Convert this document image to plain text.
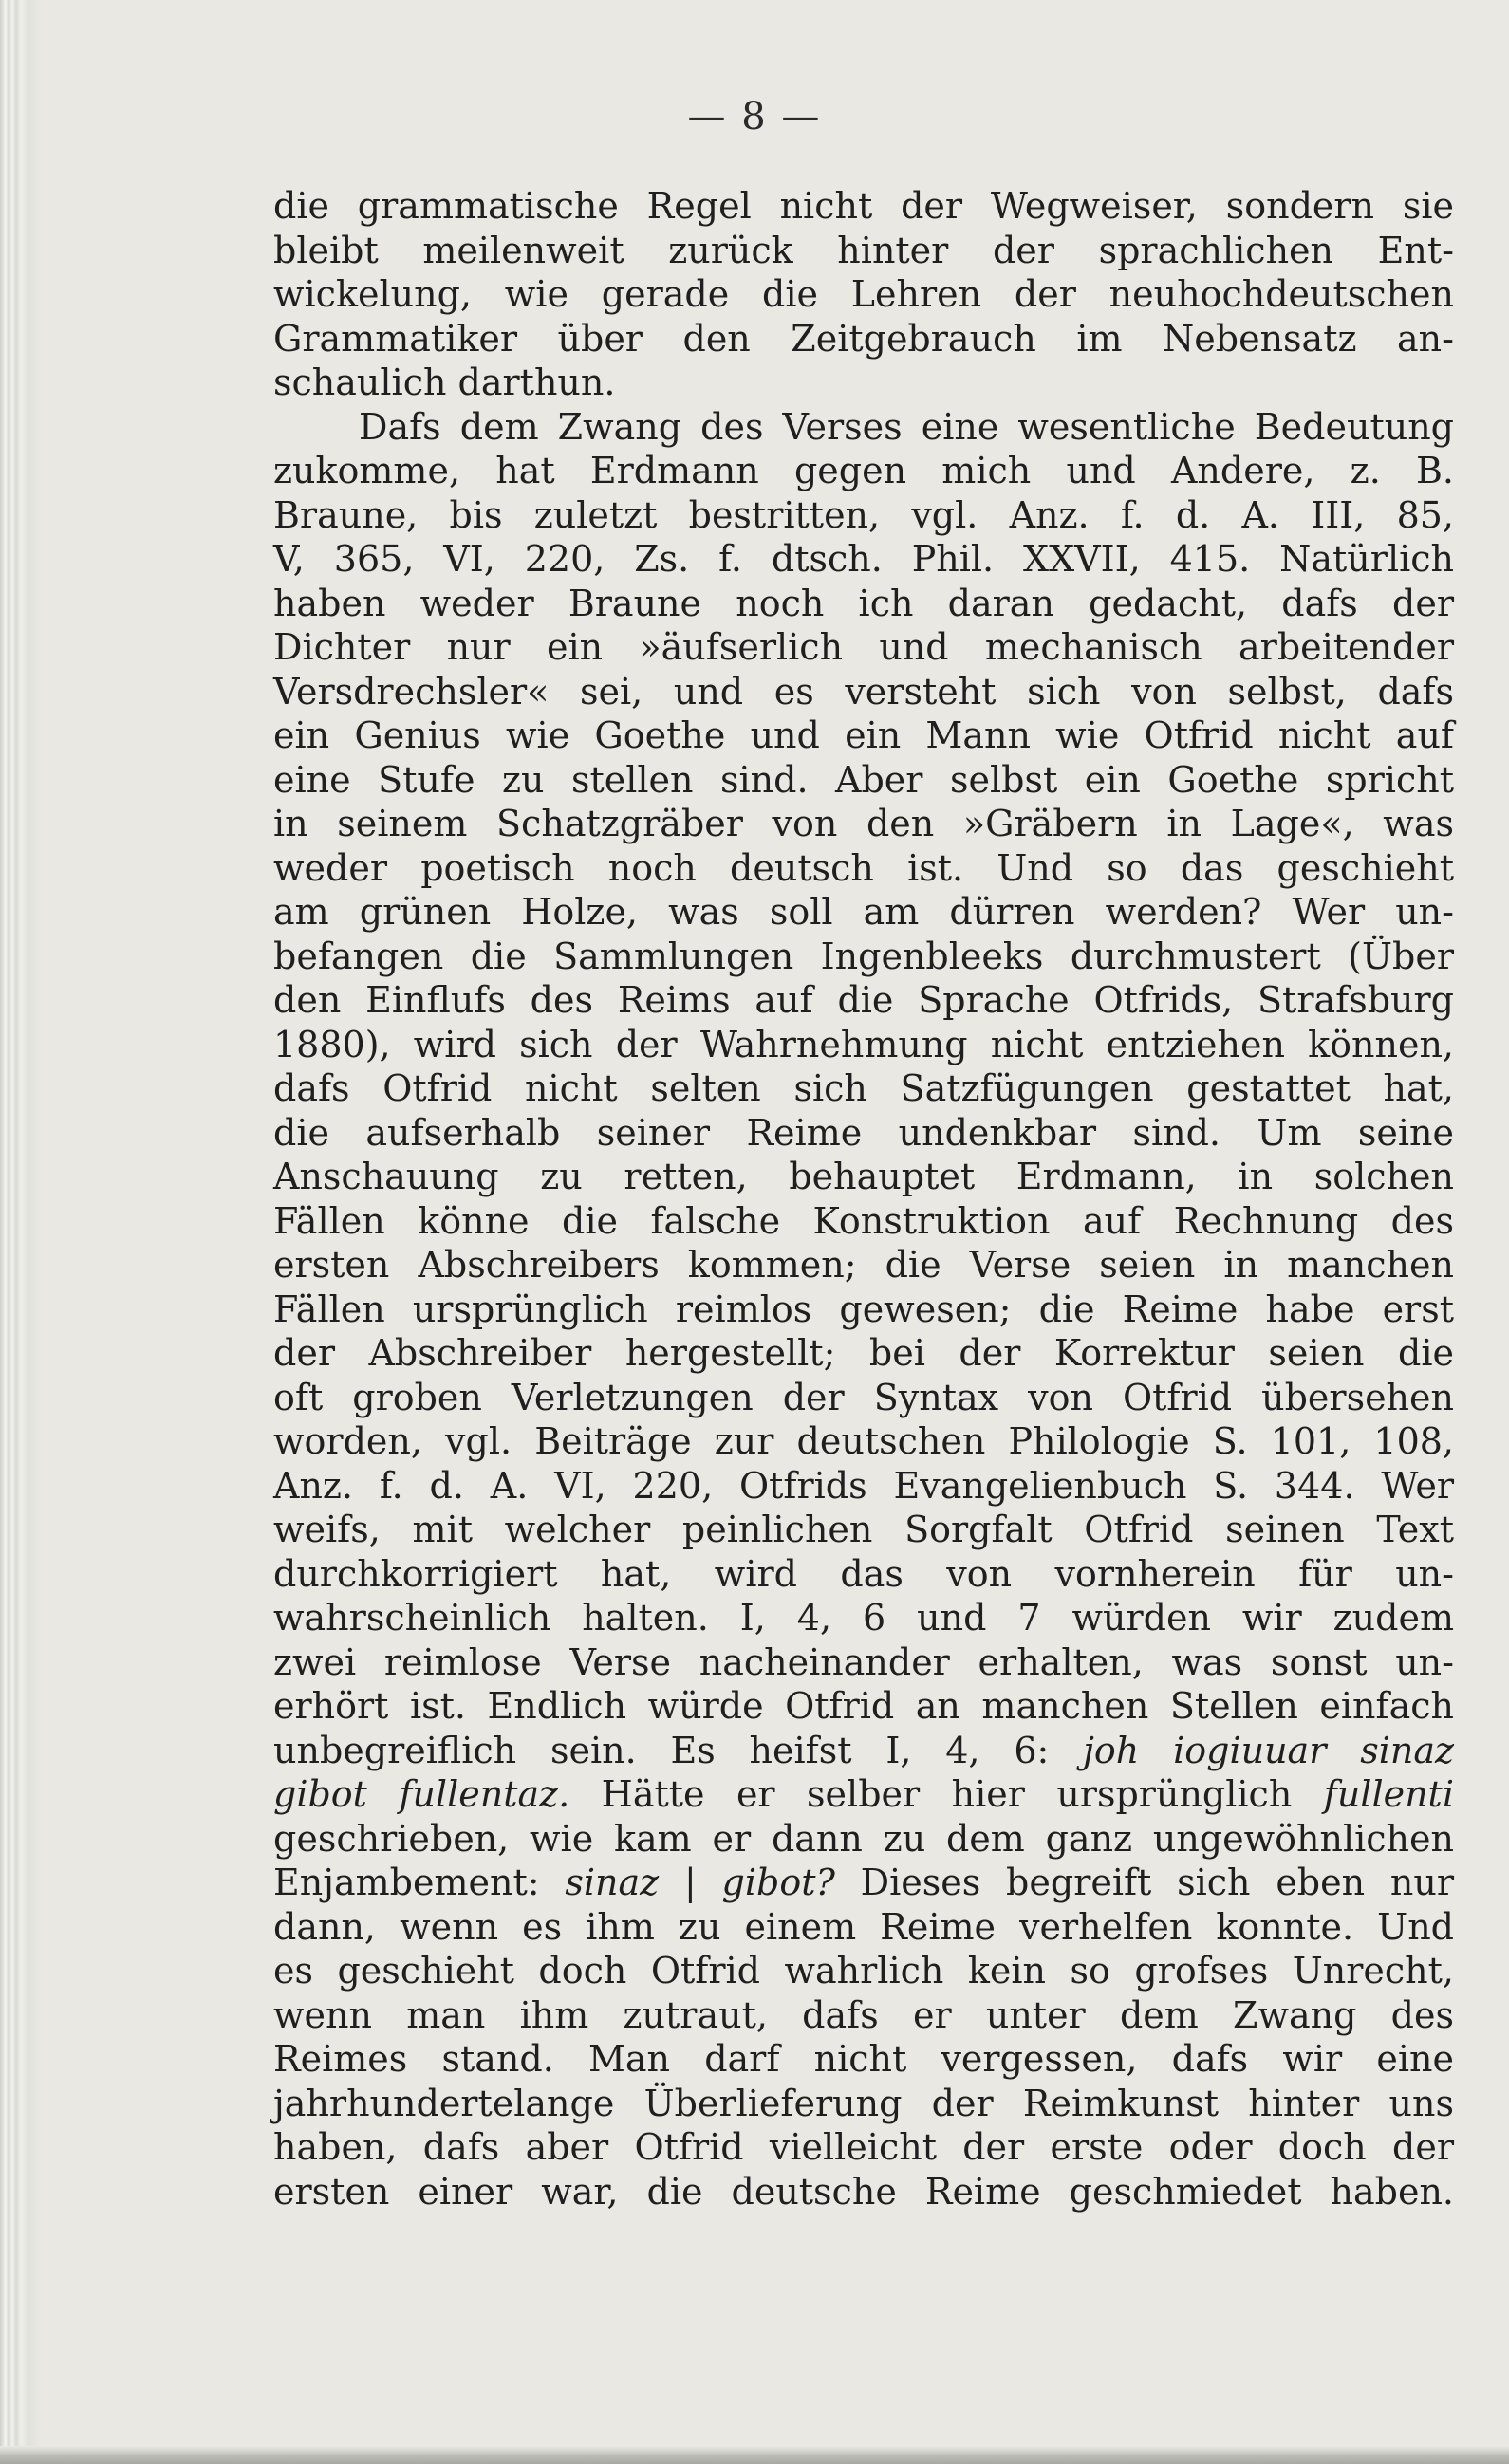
— 8 —
die grammatische Regel nicht der Wegweiser, sondern sie
bleibt meilenweit zurück hinter der sprachlichen Ent-
wickelung, wie gerade die Lehren der neuhochdeutschen
Grammatiker über den Zeitgebrauch im Nebensatz an-
schaulich darthun.
Dafs dem Zwang des Verses eine wesentliche Bedeutung
zukomme, hat Erdmann gegen mich und Andere, z. B.
Braune, bis zuletzt bestritten, vgl. Anz. f. d. A. III, 85,
V, 365, VI, 220, Zs. f. dtsch. Phil. XXVII, 415. Natürlich
haben weder Braune noch ich daran gedacht, dafs der
Dichter nur ein »äufserlich und mechanisch arbeitender
Versdrechsler« sei, und es versteht sich von selbst, dafs
ein Genius wie Goethe und ein Mann wie Otfrid nicht auf
eine Stufe zu stellen sind. Aber selbst ein Goethe spricht
in seinem Schatzgräber von den »Gräbern in Lage«, was
weder poetisch noch deutsch ist. Und so das geschieht
am grünen Holze, was soll am dürren werden? Wer un-
befangen die Sammlungen Ingenbleeks durchmustert (Über
den Einflufs des Reims auf die Sprache Otfrids, Strafsburg
1880), wird sich der Wahrnehmung nicht entziehen können,
dafs Otfrid nicht selten sich Satzfügungen gestattet hat,
die aufserhalb seiner Reime undenkbar sind. Um seine
Anschauung zu retten, behauptet Erdmann, in solchen
Fällen könne die falsche Konstruktion auf Rechnung des
ersten Abschreibers kommen; die Verse seien in manchen
Fällen ursprünglich reimlos gewesen; die Reime habe erst
der Abschreiber hergestellt; bei der Korrektur seien die
oft groben Verletzungen der Syntax von Otfrid übersehen
worden, vgl. Beiträge zur deutschen Philologie S. 101, 108,
Anz. f. d. A. VI, 220, Otfrids Evangelienbuch S. 344. Wer
weifs, mit welcher peinlichen Sorgfalt Otfrid seinen Text
durchkorrigiert hat, wird das von vornherein für un-
wahrscheinlich halten. I, 4, 6 und 7 würden wir zudem
zwei reimlose Verse nacheinander erhalten, was sonst un-
erhört ist. Endlich würde Otfrid an manchen Stellen einfach
unbegreiflich sein. Es heifst I, 4, 6: joh iogiuuar sinaz
gibot fullentaz. Hätte er selber hier ursprünglich fullenti
geschrieben, wie kam er dann zu dem ganz ungewöhnlichen
Enjambement: sinaz | gibot? Dieses begreift sich eben nur
dann, wenn es ihm zu einem Reime verhelfen konnte. Und
es geschieht doch Otfrid wahrlich kein so grofses Unrecht,
wenn man ihm zutraut, dafs er unter dem Zwang des
Reimes stand. Man darf nicht vergessen, dafs wir eine
jahrhundertelange Überlieferung der Reimkunst hinter uns
haben, dafs aber Otfrid vielleicht der erste oder doch der
ersten einer war, die deutsche Reime geschmiedet haben.
